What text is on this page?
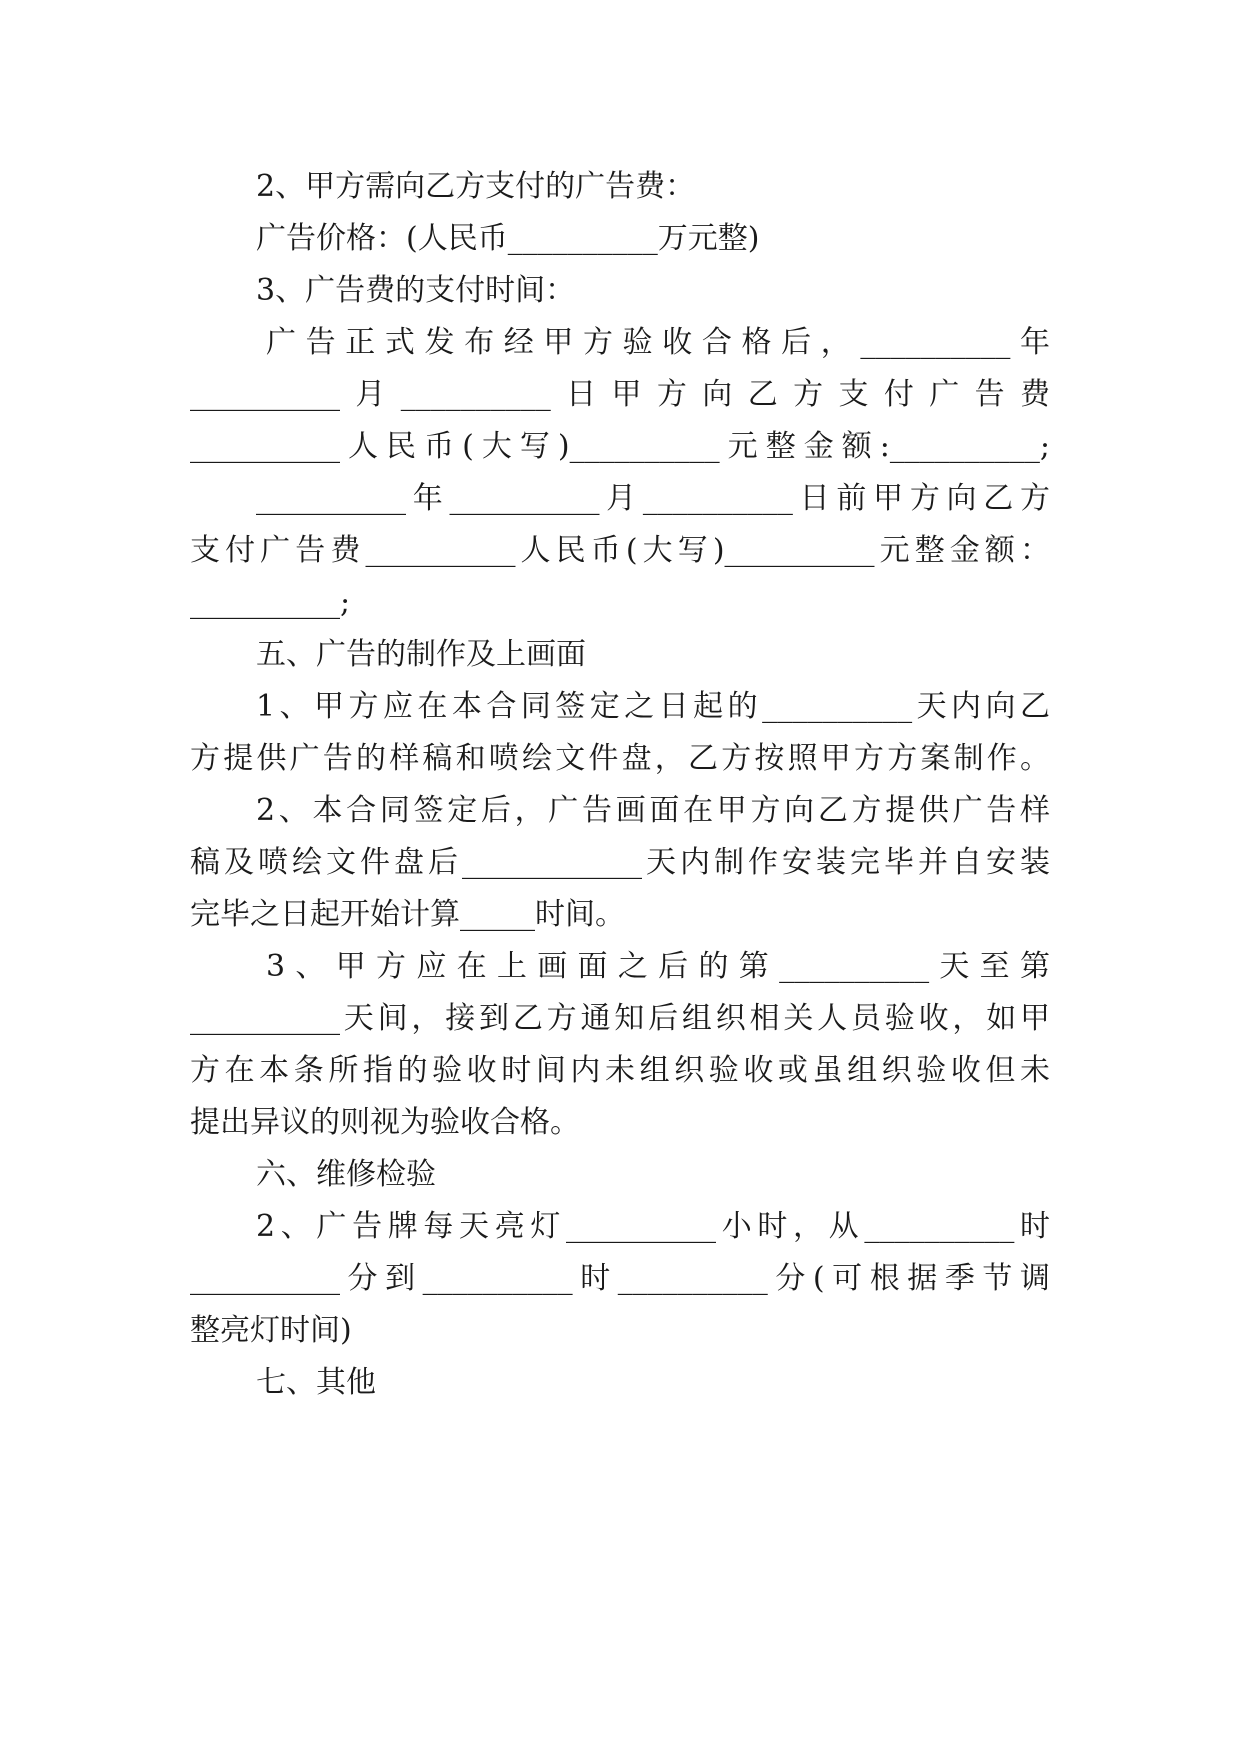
2、甲方需向乙方支付的广告费：
广告价格：(人民币__________万元整)
3、广告费的支付时间：
广告正式发布经甲方验收合格后，__________年
__________月__________日甲方向乙方支付广告费
__________人民币(大写)__________元整金额:__________;
__________年__________月__________日前甲方向乙方
支付广告费__________人民币(大写)__________元整金额：
__________;
五、广告的制作及上画面
1、甲方应在本合同签定之日起的__________天内向乙
方提供广告的样稿和喷绘文件盘，乙方按照甲方方案制作。
2、本合同签定后，广告画面在甲方向乙方提供广告样
稿及喷绘文件盘后____________天内制作安装完毕并自安装
完毕之日起开始计算_____时间。
3、甲方应在上画面之后的第__________天至第
__________天间，接到乙方通知后组织相关人员验收，如甲
方在本条所指的验收时间内未组织验收或虽组织验收但未
提出异议的则视为验收合格。
六、维修检验
2、广告牌每天亮灯__________小时，从__________时
__________分到__________时__________分(可根据季节调
整亮灯时间)
七、其他
